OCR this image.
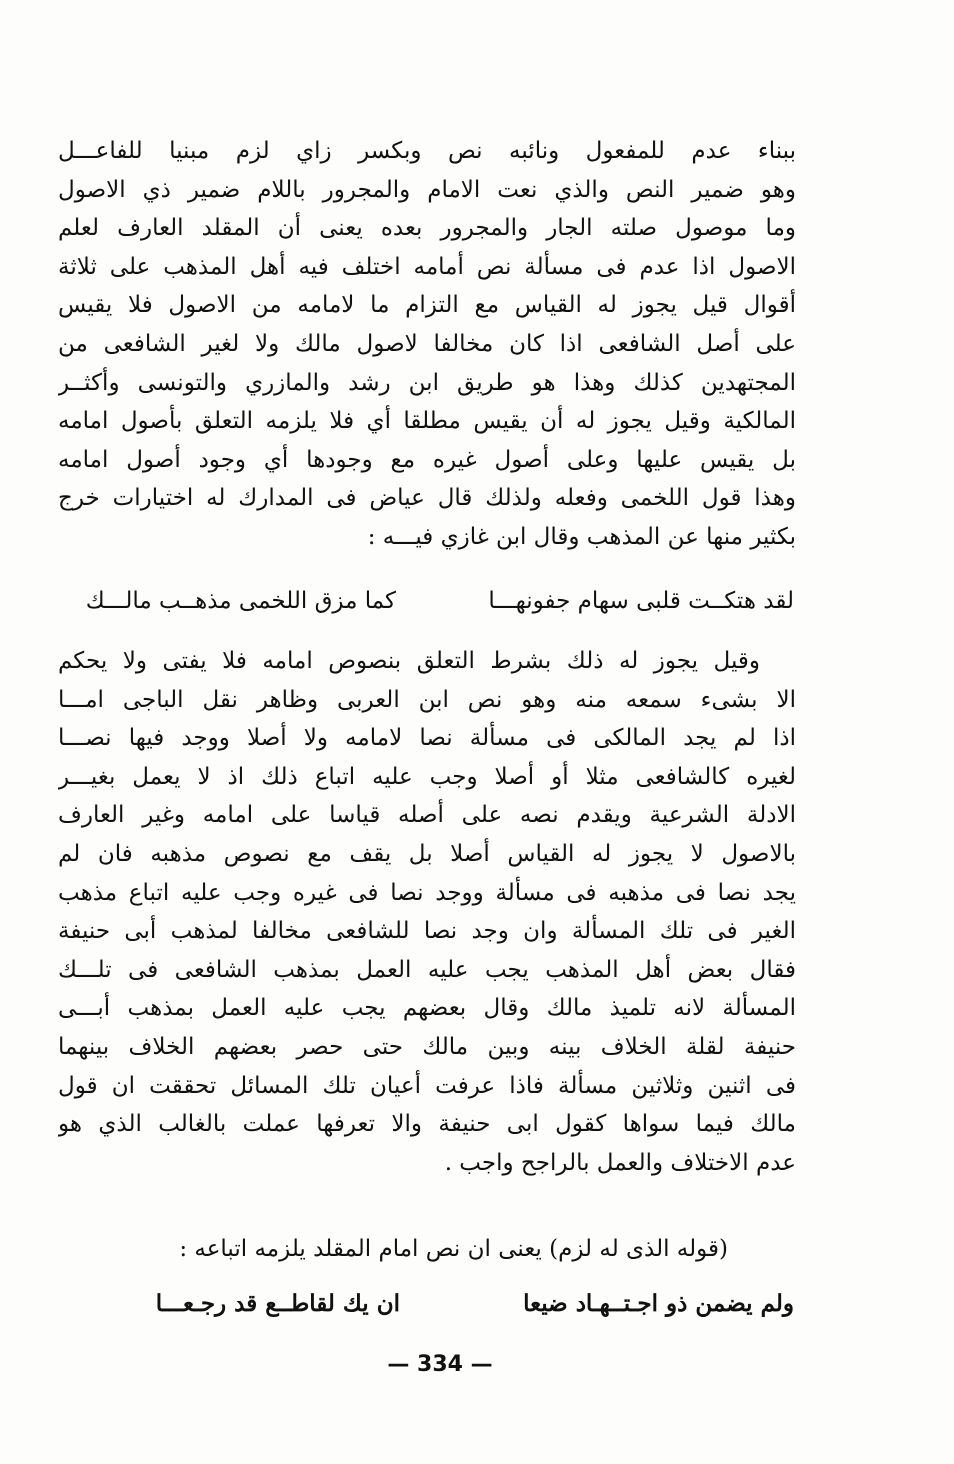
ببناء عدم للمفعول ونائبه نص وبكسر زاي لزم مبنيا للفاعـــل
وهو ضمير النص والذي نعت الامام والمجرور باللام ضمير ذي الاصول
وما موصول صلته الجار والمجرور بعده يعنى أن المقلد العارف لعلم
الاصول اذا عدم فى مسألة نص أمامه اختلف فيه أهل المذهب على ثلاثة
أقوال قيل يجوز له القياس مع التزام ما لامامه من الاصول فلا يقيس
على أصل الشافعى اذا كان مخالفا لاصول مالك ولا لغير الشافعى من
المجتهدين كذلك وهذا هو طريق ابن رشد والمازري والتونسى وأكثــر
المالكية وقيل يجوز له أن يقيس مطلقا أي فلا يلزمه التعلق بأصول امامه
بل يقيس عليها وعلى أصول غيره مع وجودها أي وجود أصول امامه
وهذا قول اللخمى وفعله ولذلك قال عياض فى المدارك له اختيارات خرج
بكثير منها عن المذهب وقال ابن غازي فيـــه :
لقد هتكــت قلبى سهام جفونهـــا
كما مزق اللخمى مذهــب مالـــك
وقيل يجوز له ذلك بشرط التعلق بنصوص امامه فلا يفتى ولا يحكم
الا بشىء سمعه منه وهو نص ابن العربى وظاهر نقل الباجى امـــا
اذا لم يجد المالكى فى مسألة نصا لامامه ولا أصلا ووجد فيها نصـــا
لغيره كالشافعى مثلا أو أصلا وجب عليه اتباع ذلك اذ لا يعمل بغيـــر
الادلة الشرعية ويقدم نصه على أصله قياسا على امامه وغير العارف
بالاصول لا يجوز له القياس أصلا بل يقف مع نصوص مذهبه فان لم
يجد نصا فى مذهبه فى مسألة ووجد نصا فى غيره وجب عليه اتباع مذهب
الغير فى تلك المسألة وان وجد نصا للشافعى مخالفا لمذهب أبى حنيفة
فقال بعض أهل المذهب يجب عليه العمل بمذهب الشافعى فى تلـــك
المسألة لانه تلميذ مالك وقال بعضهم يجب عليه العمل بمذهب أبـــى
حنيفة لقلة الخلاف بينه وبين مالك حتى حصر بعضهم الخلاف بينهما
فى اثنين وثلاثين مسألة فاذا عرفت أعيان تلك المسائل تحققت ان قول
مالك فيما سواها كقول ابى حنيفة والا تعرفها عملت بالغالب الذي هو
عدم الاختلاف والعمل بالراجح واجب .
(قوله الذى له لزم) يعنى ان نص امام المقلد يلزمه اتباعه :
ولم يضمن ذو اجـتــهـاد ضيعا
ان يك لقاطــع قد رجـعـــا
— 334 —
